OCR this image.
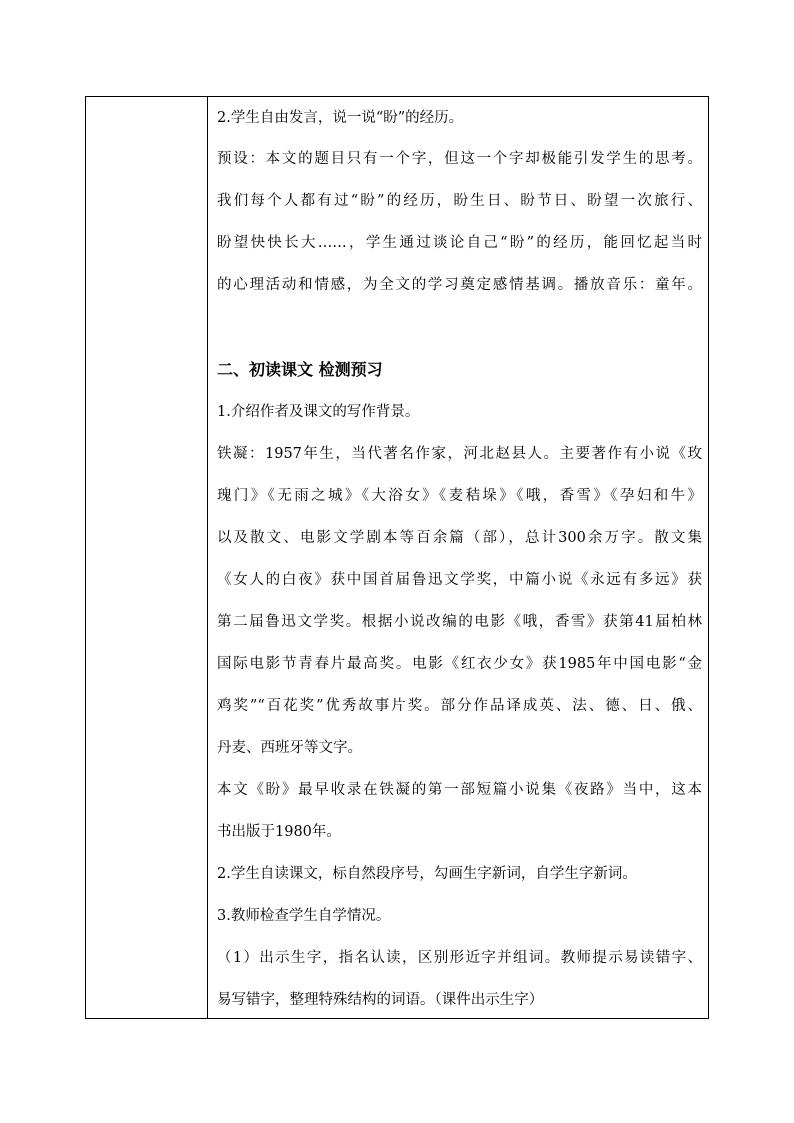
2.学生自由发言，说一说“盼”的经历。
预设：本文的题目只有一个字，但这一个字却极能引发学生的思考。
我们每个人都有过“盼”的经历，盼生日、盼节日、盼望一次旅行、
盼望快快长大……，学生通过谈论自己“盼”的经历，能回忆起当时
的心理活动和情感，为全文的学习奠定感情基调。播放音乐：童年。
二、初读课文 检测预习
1.介绍作者及课文的写作背景。
铁凝：1957年生，当代著名作家，河北赵县人。主要著作有小说《玫
瑰门》《无雨之城》《大浴女》《麦秸垛》《哦，香雪》《孕妇和牛》
以及散文、电影文学剧本等百余篇（部），总计300余万字。散文集
《女人的白夜》获中国首届鲁迅文学奖，中篇小说《永远有多远》获
第二届鲁迅文学奖。根据小说改编的电影《哦，香雪》获第41届柏林
国际电影节青春片最高奖。电影《红衣少女》获1985年中国电影“金
鸡奖”“百花奖”优秀故事片奖。部分作品译成英、法、德、日、俄、
丹麦、西班牙等文字。
本文《盼》最早收录在铁凝的第一部短篇小说集《夜路》当中，这本
书出版于1980年。
2.学生自读课文，标自然段序号，勾画生字新词，自学生字新词。
3.教师检查学生自学情况。
（1）出示生字，指名认读，区别形近字并组词。教师提示易读错字、
易写错字，整理特殊结构的词语。（课件出示生字）
